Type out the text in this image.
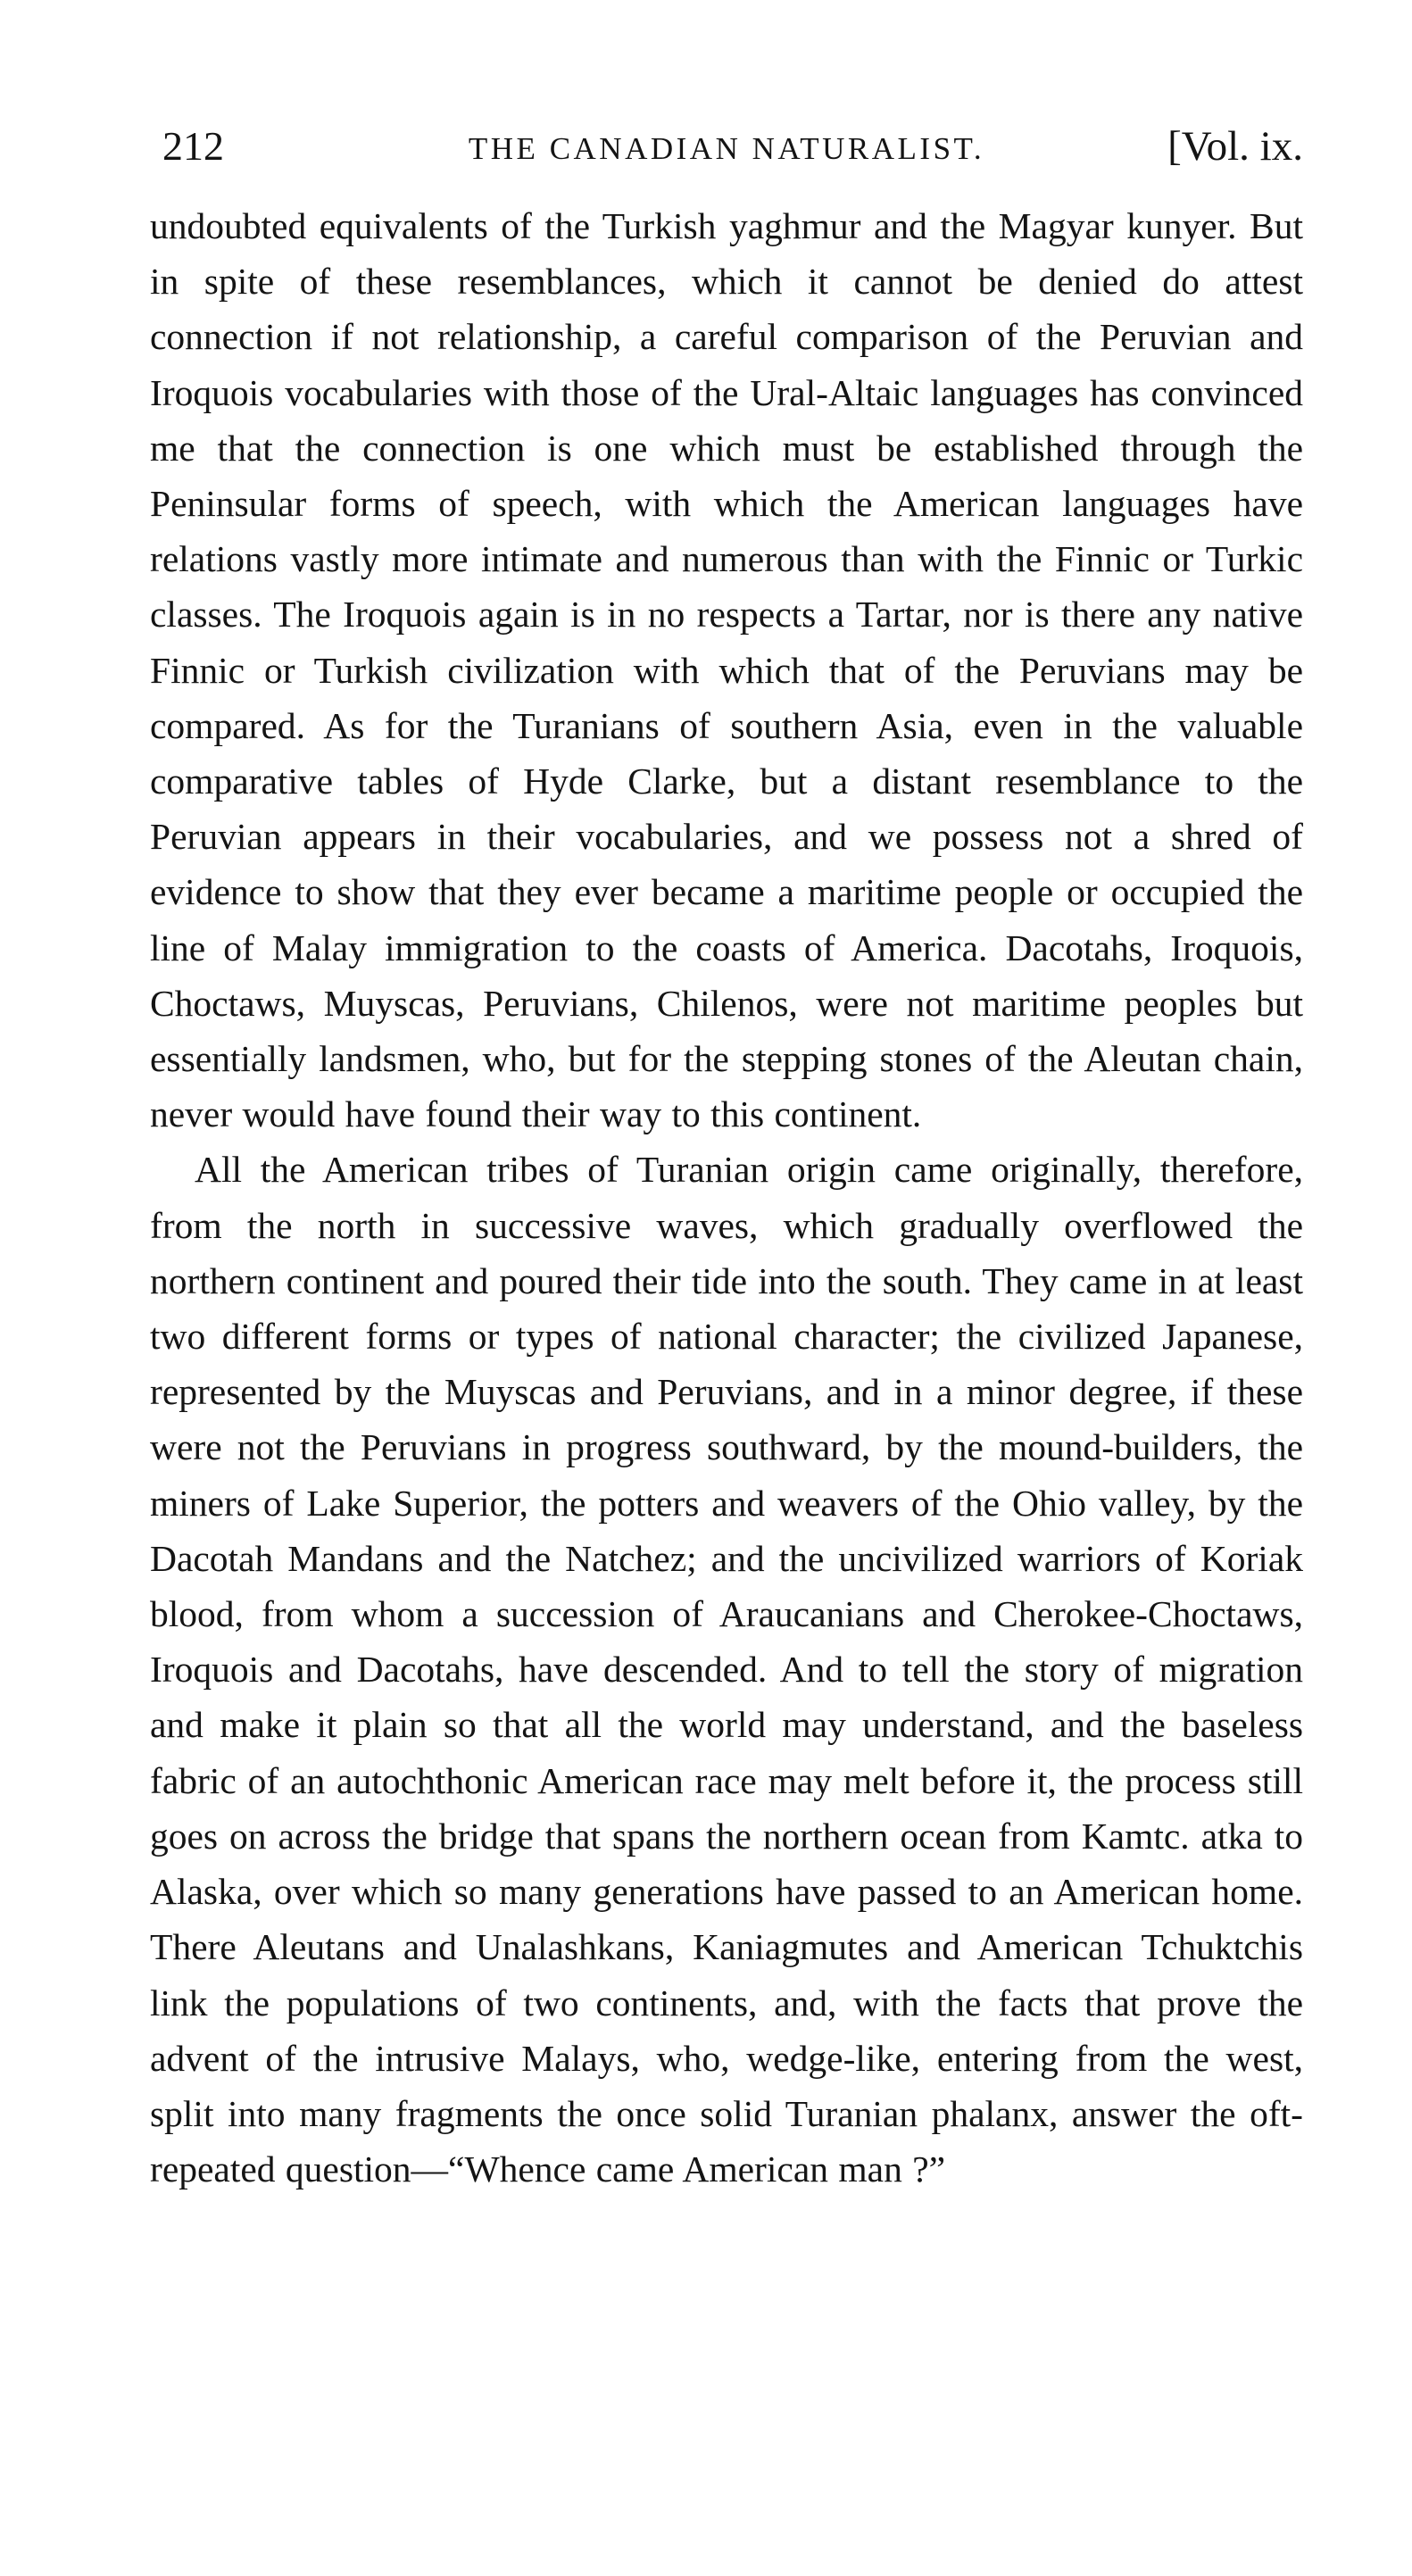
212	THE CANADIAN NATURALIST.	[Vol. ix.

undoubted equivalents of the Turkish yaghmur and the Magyar kunyer. But in spite of these resemblances, which it cannot be denied do attest connection if not relationship, a careful comparison of the Peruvian and Iroquois vocabularies with those of the Ural-Altaic languages has convinced me that the connection is one which must be established through the Peninsular forms of speech, with which the American languages have relations vastly more intimate and numerous than with the Finnic or Turkic classes. The Iroquois again is in no respects a Tartar, nor is there any native Finnic or Turkish civilization with which that of the Peruvians may be compared. As for the Turanians of southern Asia, even in the valuable comparative tables of Hyde Clarke, but a distant resemblance to the Peruvian appears in their vocabularies, and we possess not a shred of evidence to show that they ever became a maritime people or occupied the line of Malay immigration to the coasts of America. Dacotahs, Iroquois, Choctaws, Muyscas, Peruvians, Chilenos, were not maritime peoples but essentially landsmen, who, but for the stepping stones of the Aleutan chain, never would have found their way to this continent.

All the American tribes of Turanian origin came originally, therefore, from the north in successive waves, which gradually overflowed the northern continent and poured their tide into the south. They came in at least two different forms or types of national character; the civilized Japanese, represented by the Muyscas and Peruvians, and in a minor degree, if these were not the Peruvians in progress southward, by the mound-builders, the miners of Lake Superior, the potters and weavers of the Ohio valley, by the Dacotah Mandans and the Natchez; and the uncivilized warriors of Koriak blood, from whom a succession of Araucanians and Cherokee-Choctaws, Iroquois and Dacotahs, have descended. And to tell the story of migration and make it plain so that all the world may understand, and the baseless fabric of an autochthonic American race may melt before it, the process still goes on across the bridge that spans the northern ocean from Kamtc. atka to Alaska, over which so many generations have passed to an American home. There Aleutans and Unalashkans, Kaniagmutes and American Tchuktchis link the populations of two continents, and, with the facts that prove the advent of the intrusive Malays, who, wedge-like, entering from the west, split into many fragments the once solid Turanian phalanx, answer the oft-repeated question—“Whence came American man ?”
